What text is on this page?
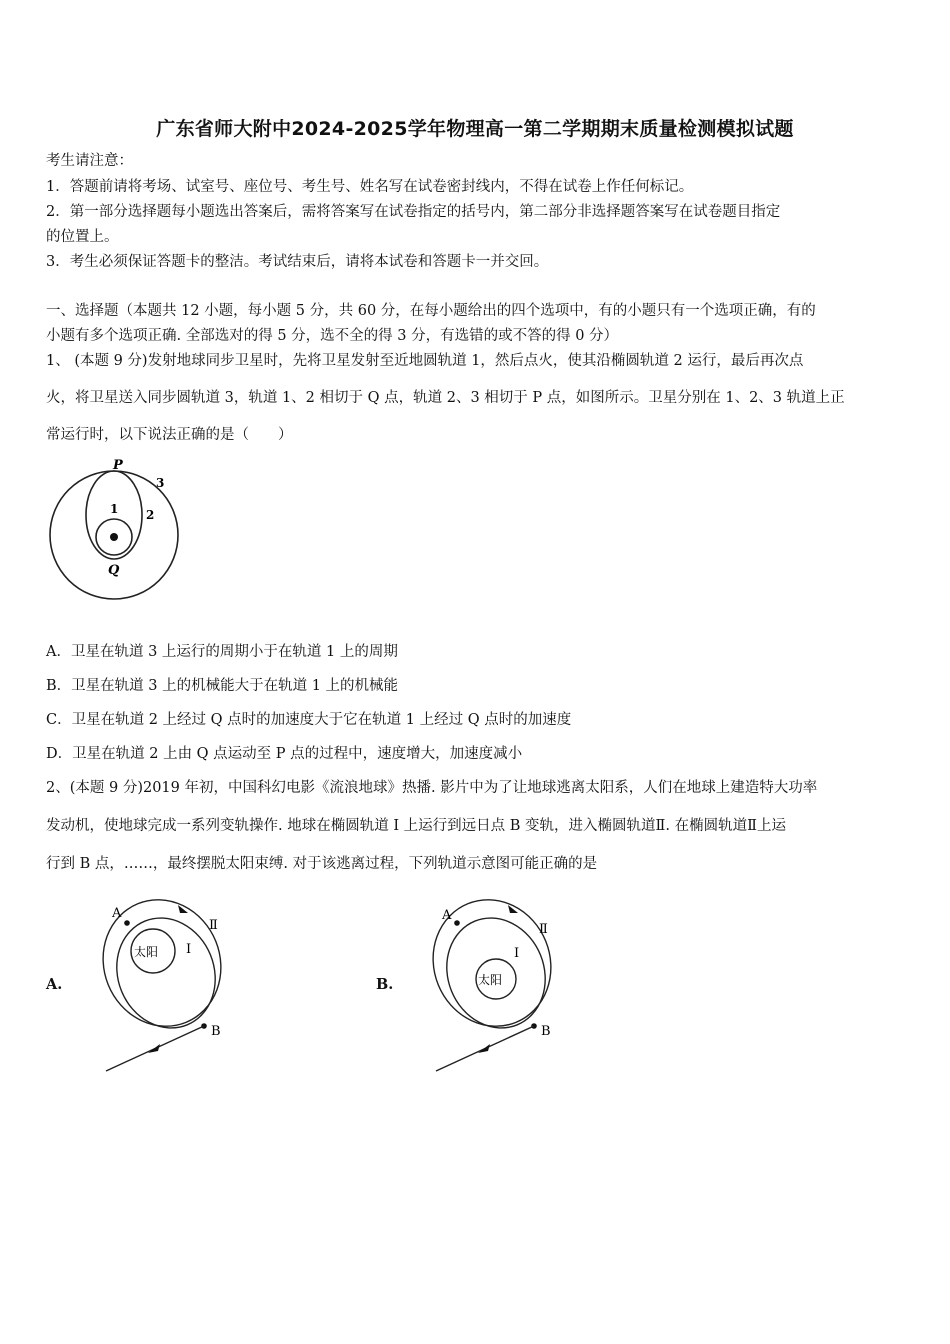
广东省师大附中2024-2025学年物理高一第二学期期末质量检测模拟试题
考生请注意：
1．答题前请将考场、试室号、座位号、考生号、姓名写在试卷密封线内，不得在试卷上作任何标记。
2．第一部分选择题每小题选出答案后，需将答案写在试卷指定的括号内，第二部分非选择题答案写在试卷题目指定
的位置上。
3．考生必须保证答题卡的整洁。考试结束后，请将本试卷和答题卡一并交回。
一、选择题（本题共 12 小题，每小题 5 分，共 60 分，在每小题给出的四个选项中，有的小题只有一个选项正确，有的
小题有多个选项正确. 全部选对的得 5 分，选不全的得 3 分，有选错的或不答的得 0 分）
1、 (本题 9 分)发射地球同步卫星时，先将卫星发射至近地圆轨道 1，然后点火，使其沿椭圆轨道 2 运行，最后再次点
火，将卫星送入同步圆轨道 3，轨道 1、2 相切于 Q 点，轨道 2、3 相切于 P 点，如图所示。卫星分别在 1、2、3 轨道上正
常运行时，以下说法正确的是（　　）
P
Q
1 2
3
A．卫星在轨道 3 上运行的周期小于在轨道 1 上的周期
B．卫星在轨道 3 上的机械能大于在轨道 1 上的机械能
C．卫星在轨道 2 上经过 Q 点时的加速度大于它在轨道 1 上经过 Q 点时的加速度
D．卫星在轨道 2 上由 Q 点运动至 P 点的过程中，速度增大，加速度减小
2、(本题 9 分)2019 年初，中国科幻电影《流浪地球》热播. 影片中为了让地球逃离太阳系，人们在地球上建造特大功率
发动机，使地球完成一系列变轨操作. 地球在椭圆轨道 I 上运行到远日点 B 变轨，进入椭圆轨道Ⅱ. 在椭圆轨道Ⅱ上运
行到 B 点，……，最终摆脱太阳束缚. 对于该逃离过程，下列轨道示意图可能正确的是
A.	B.
太阳
A
B
I
Ⅱ
太阳
A
B
I
Ⅱ
